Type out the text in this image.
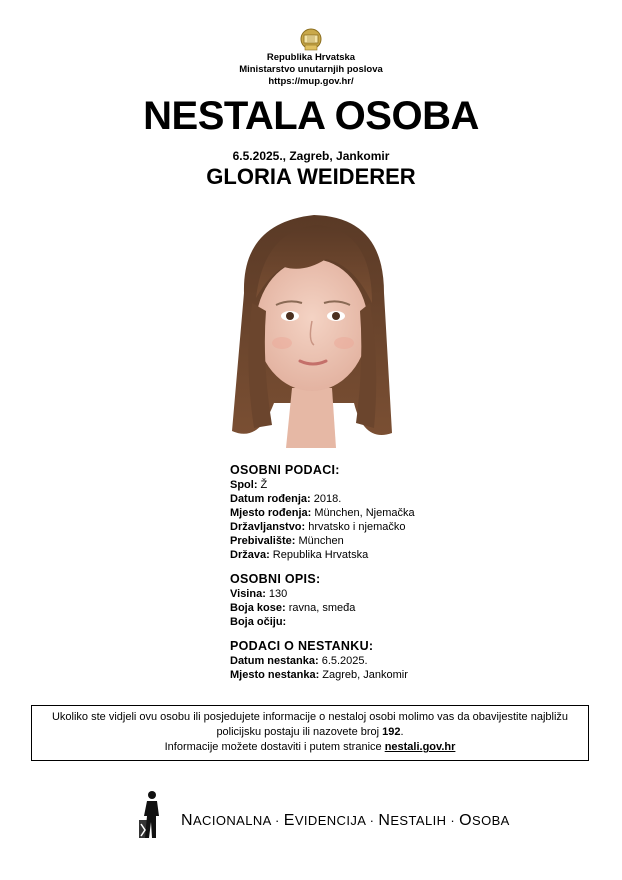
Republika Hrvatska
Ministarstvo unutarnjih poslova
https://mup.gov.hr/
NESTALA OSOBA
6.5.2025., Zagreb, Jankomir
GLORIA WEIDERER
OSOBNI PODACI:
Spol: Ž
Datum rođenja: 2018.
Mjesto rođenja: München, Njemačka
Državljanstvo: hrvatsko i njemačko
Prebivalište: München
Država: Republika Hrvatska
OSOBNI OPIS:
Visina: 130
Boja kose: ravna, smeđa
Boja očiju:
PODACI O NESTANKU:
Datum nestanka: 6.5.2025.
Mjesto nestanka: Zagreb, Jankomir
Ukoliko ste vidjeli ovu osobu ili posjedujete informacije o nestaloj osobi molimo vas da obavijestite najbližu
policijsku postaju ili nazovete broj 192.
Informacije možete dostaviti i putem stranice nestali.gov.hr
NACIONALNA · EVIDENCIJA · NESTALIH · OSOBA
